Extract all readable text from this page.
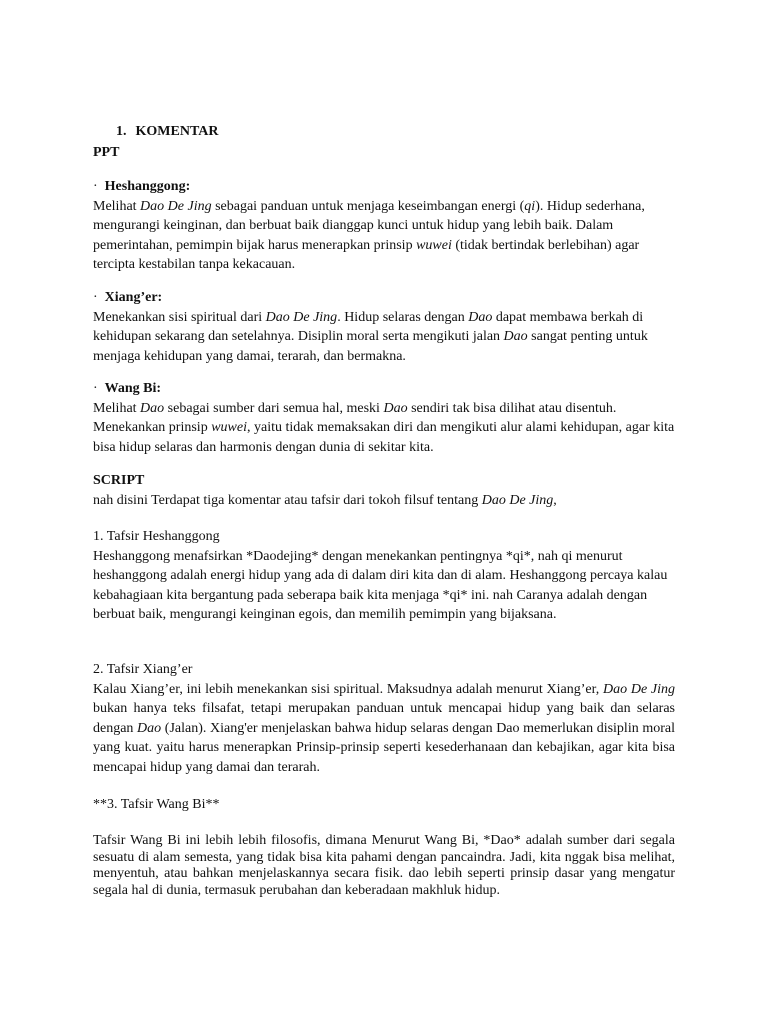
1. KOMENTAR
PPT

· Heshanggong:

Melihat Dao De Jing sebagai panduan untuk menjaga keseimbangan energi (qi). Hidup sederhana, mengurangi keinginan, dan berbuat baik dianggap kunci untuk hidup yang lebih baik. Dalam pemerintahan, pemimpin bijak harus menerapkan prinsip wuwei (tidak bertindak berlebihan) agar tercipta kestabilan tanpa kekacauan.

· Xiang’er:

Menekankan sisi spiritual dari Dao De Jing. Hidup selaras dengan Dao dapat membawa berkah di kehidupan sekarang dan setelahnya. Disiplin moral serta mengikuti jalan Dao sangat penting untuk menjaga kehidupan yang damai, terarah, dan bermakna.

· Wang Bi:

Melihat Dao sebagai sumber dari semua hal, meski Dao sendiri tak bisa dilihat atau disentuh. Menekankan prinsip wuwei, yaitu tidak memaksakan diri dan mengikuti alur alami kehidupan, agar kita bisa hidup selaras dan harmonis dengan dunia di sekitar kita.

SCRIPT

nah disini Terdapat tiga komentar atau tafsir dari tokoh filsuf tentang Dao De Jing,

1. Tafsir Heshanggong

Heshanggong menafsirkan *Daodejing* dengan menekankan pentingnya *qi*, nah qi menurut heshanggong adalah energi hidup yang ada di dalam diri kita dan di alam. Heshanggong percaya kalau kebahagiaan kita bergantung pada seberapa baik kita menjaga *qi* ini. nah Caranya adalah dengan berbuat baik, mengurangi keinginan egois, dan memilih pemimpin yang bijaksana.

2. Tafsir Xiang’er

Kalau Xiang’er, ini lebih menekankan sisi spiritual. Maksudnya adalah menurut Xiang’er, Dao De Jing bukan hanya teks filsafat, tetapi merupakan panduan untuk mencapai hidup yang baik dan selaras dengan Dao (Jalan). Xiang'er menjelaskan bahwa hidup selaras dengan Dao memerlukan disiplin moral yang kuat. yaitu harus menerapkan Prinsip-prinsip seperti kesederhanaan dan kebajikan, agar kita bisa mencapai hidup yang damai dan terarah.

**3. Tafsir Wang Bi**
Tafsir Wang Bi ini lebih lebih filosofis, dimana Menurut Wang Bi, *Dao* adalah sumber dari segala sesuatu di alam semesta, yang tidak bisa kita pahami dengan pancaindra. Jadi, kita nggak bisa melihat, menyentuh, atau bahkan menjelaskannya secara fisik. dao lebih seperti prinsip dasar yang mengatur segala hal di dunia, termasuk perubahan dan keberadaan makhluk hidup.
